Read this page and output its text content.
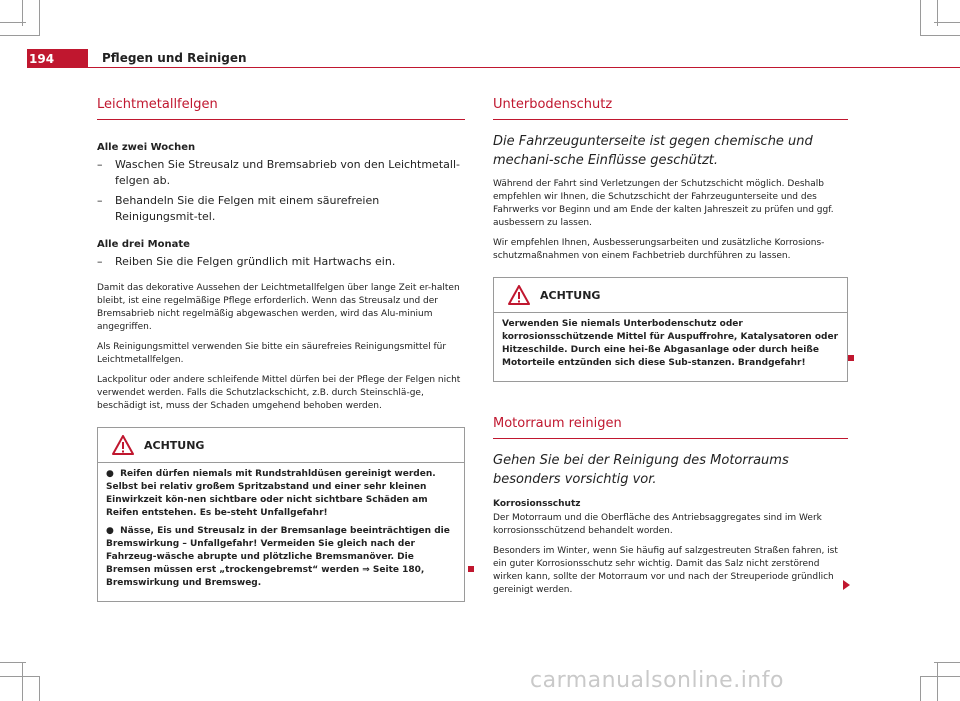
194	Pflegen und Reinigen
Leichtmetallfelgen
Alle zwei Wochen
–	Waschen Sie Streusalz und Bremsabrieb von den Leichtmetall-felgen ab.
–	Behandeln Sie die Felgen mit einem säurefreien Reinigungsmit-tel.
Alle drei Monate
–	Reiben Sie die Felgen gründlich mit Hartwachs ein.

Damit das dekorative Aussehen der Leichtmetallfelgen über lange Zeit er-halten bleibt, ist eine regelmäßige Pflege erforderlich. Wenn das Streusalz und der Bremsabrieb nicht regelmäßig abgewaschen werden, wird das Alu-minium angegriffen.

Als Reinigungsmittel verwenden Sie bitte ein säurefreies Reinigungsmittel für Leichtmetallfelgen.

Lackpolitur oder andere schleifende Mittel dürfen bei der Pflege der Felgen nicht verwendet werden. Falls die Schutzlackschicht, z.B. durch Steinschlä-ge, beschädigt ist, muss der Schaden umgehend behoben werden.

ACHTUNG

●  Reifen dürfen niemals mit Rundstrahldüsen gereinigt werden. Selbst bei relativ großem Spritzabstand und einer sehr kleinen Einwirkzeit kön-nen sichtbare oder nicht sichtbare Schäden am Reifen entstehen. Es be-steht Unfallgefahr!

●  Nässe, Eis und Streusalz in der Bremsanlage beeinträchtigen die Bremswirkung – Unfallgefahr! Vermeiden Sie gleich nach der Fahrzeug-wäsche abrupte und plötzliche Bremsmanöver. Die Bremsen müssen erst „trockengebremst“ werden ⇒ Seite 180, Bremswirkung und Bremsweg.

Unterbodenschutz

Die Fahrzeugunterseite ist gegen chemische und mechani-sche Einflüsse geschützt.

Während der Fahrt sind Verletzungen der Schutzschicht möglich. Deshalb empfehlen wir Ihnen, die Schutzschicht der Fahrzeugunterseite und des Fahrwerks vor Beginn und am Ende der kalten Jahreszeit zu prüfen und ggf. ausbessern zu lassen.

Wir empfehlen Ihnen, Ausbesserungsarbeiten und zusätzliche Korrosions-schutzmaßnahmen von einem Fachbetrieb durchführen zu lassen.

ACHTUNG

Verwenden Sie niemals Unterbodenschutz oder korrosionsschützende Mittel für Auspuffrohre, Katalysatoren oder Hitzeschilde. Durch eine hei-ße Abgasanlage oder durch heiße Motorteile entzünden sich diese Sub-stanzen. Brandgefahr!

Motorraum reinigen

Gehen Sie bei der Reinigung des Motorraums besonders vorsichtig vor.

Korrosionsschutz

Der Motorraum und die Oberfläche des Antriebsaggregates sind im Werk korrosionsschützend behandelt worden.

Besonders im Winter, wenn Sie häufig auf salzgestreuten Straßen fahren, ist ein guter Korrosionsschutz sehr wichtig. Damit das Salz nicht zerstörend wirken kann, sollte der Motorraum vor und nach der Streuperiode gründlich gereinigt werden.

carmanualsonline.info
